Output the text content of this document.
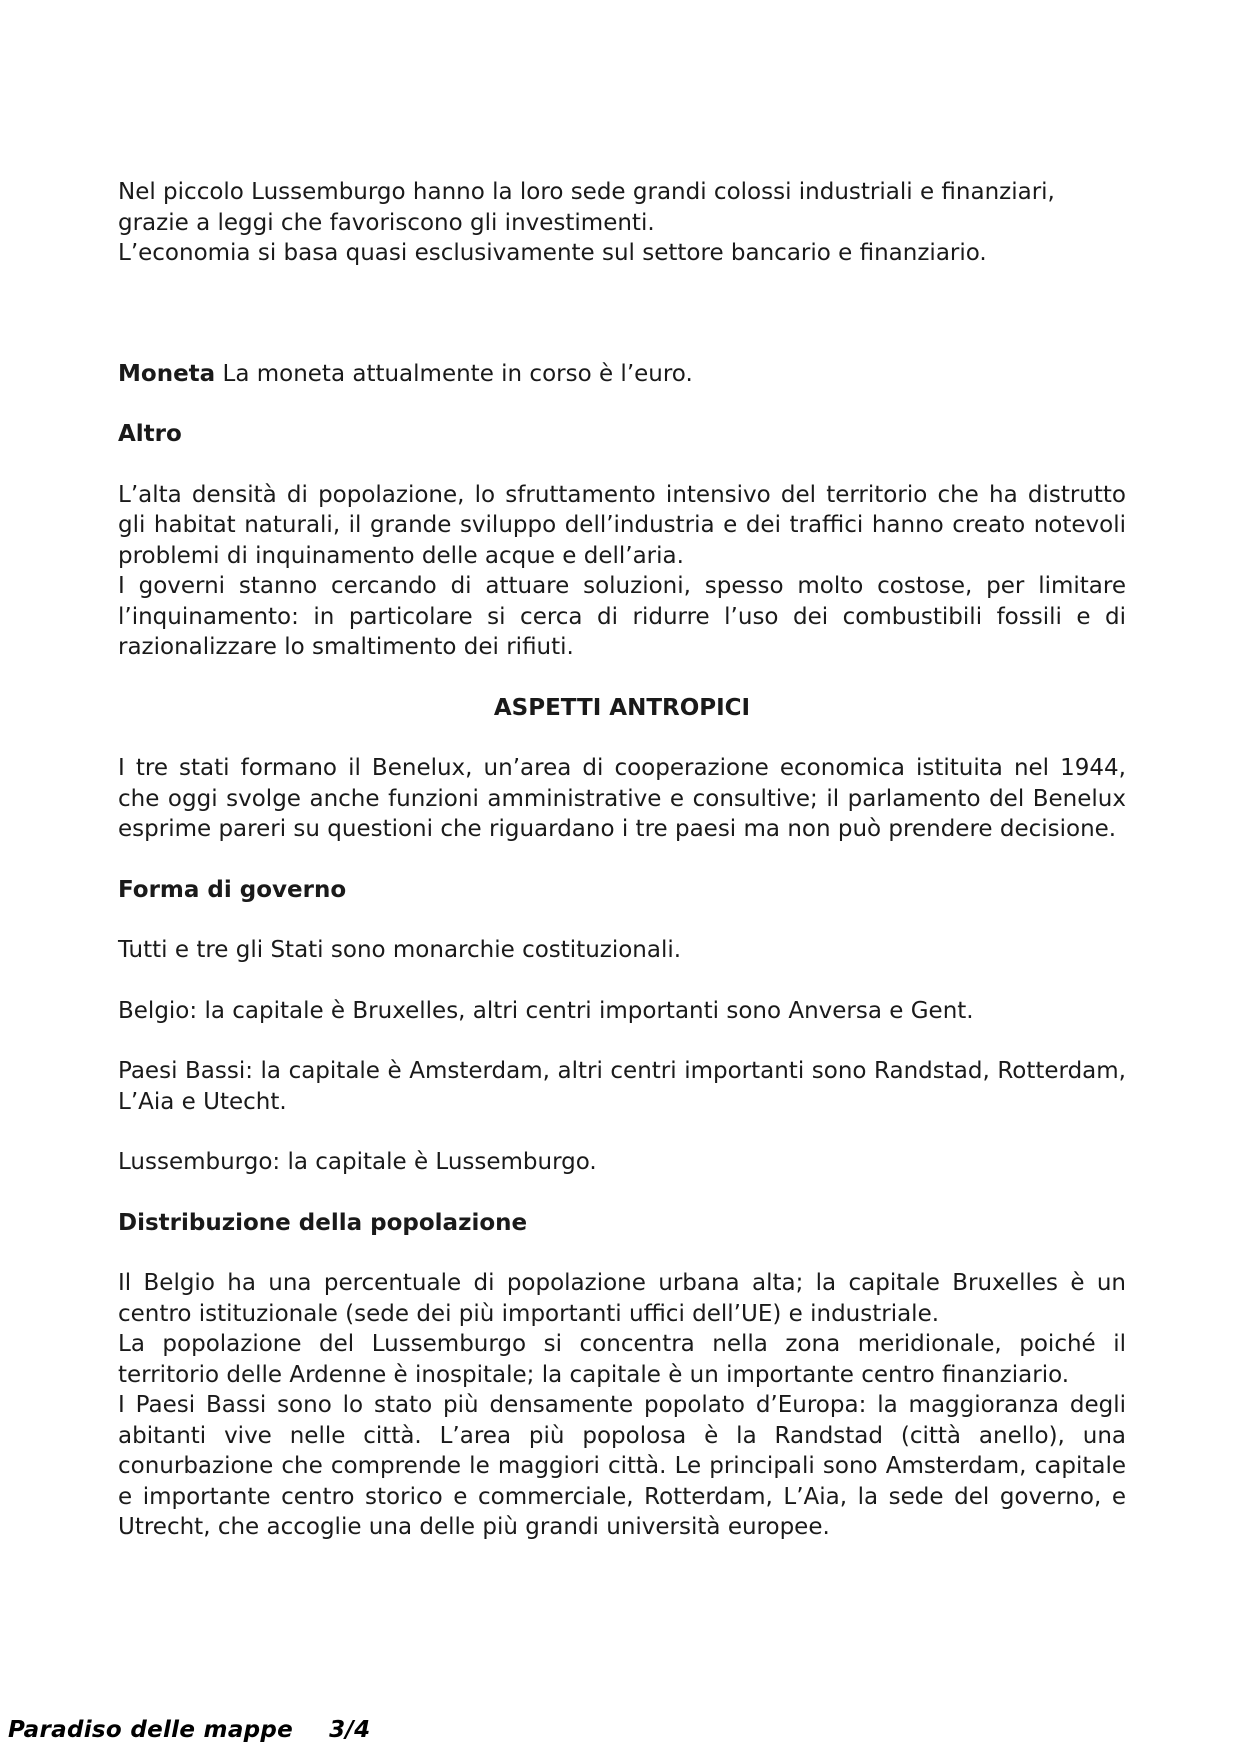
Nel piccolo Lussemburgo hanno la loro sede grandi colossi industriali e finanziari,

grazie a leggi che favoriscono gli investimenti.

L’economia si basa quasi esclusivamente sul settore bancario e finanziario.

Moneta La moneta attualmente in corso è l’euro.

Altro

L’alta densità di popolazione, lo sfruttamento intensivo del territorio che ha distrutto gli habitat naturali, il grande sviluppo dell’industria e dei traffici hanno creato notevoli problemi di inquinamento delle acque e dell’aria.

I governi stanno cercando di attuare soluzioni, spesso molto costose, per limitare l’inquinamento: in particolare si cerca di ridurre l’uso dei combustibili fossili e di razionalizzare lo smaltimento dei rifiuti.

ASPETTI ANTROPICI

I tre stati formano il Benelux, un’area di cooperazione economica istituita nel 1944, che oggi svolge anche funzioni amministrative e consultive; il parlamento del Benelux esprime pareri su questioni che riguardano i tre paesi ma non può prendere decisione.

Forma di governo

Tutti e tre gli Stati sono monarchie costituzionali.

Belgio: la capitale è Bruxelles, altri centri importanti sono Anversa e Gent.

Paesi Bassi: la capitale è Amsterdam, altri centri importanti sono Randstad, Rotterdam, L’Aia e Utecht.

Lussemburgo: la capitale è Lussemburgo.

Distribuzione della popolazione

Il Belgio ha una percentuale di popolazione urbana alta; la capitale Bruxelles è un centro istituzionale (sede dei più importanti uffici dell’UE) e industriale.

La popolazione del Lussemburgo si concentra nella zona meridionale, poiché il territorio delle Ardenne è inospitale; la capitale è un importante centro finanziario.

I Paesi Bassi sono lo stato più densamente popolato d’Europa: la maggioranza degli abitanti vive nelle città. L’area più popolosa è la Randstad (città anello), una conurbazione che comprende le maggiori città. Le principali sono Amsterdam, capitale e importante centro storico e commerciale, Rotterdam, L’Aia, la sede del governo, e Utrecht, che accoglie una delle più grandi università europee.

Paradiso delle mappe 3/4
